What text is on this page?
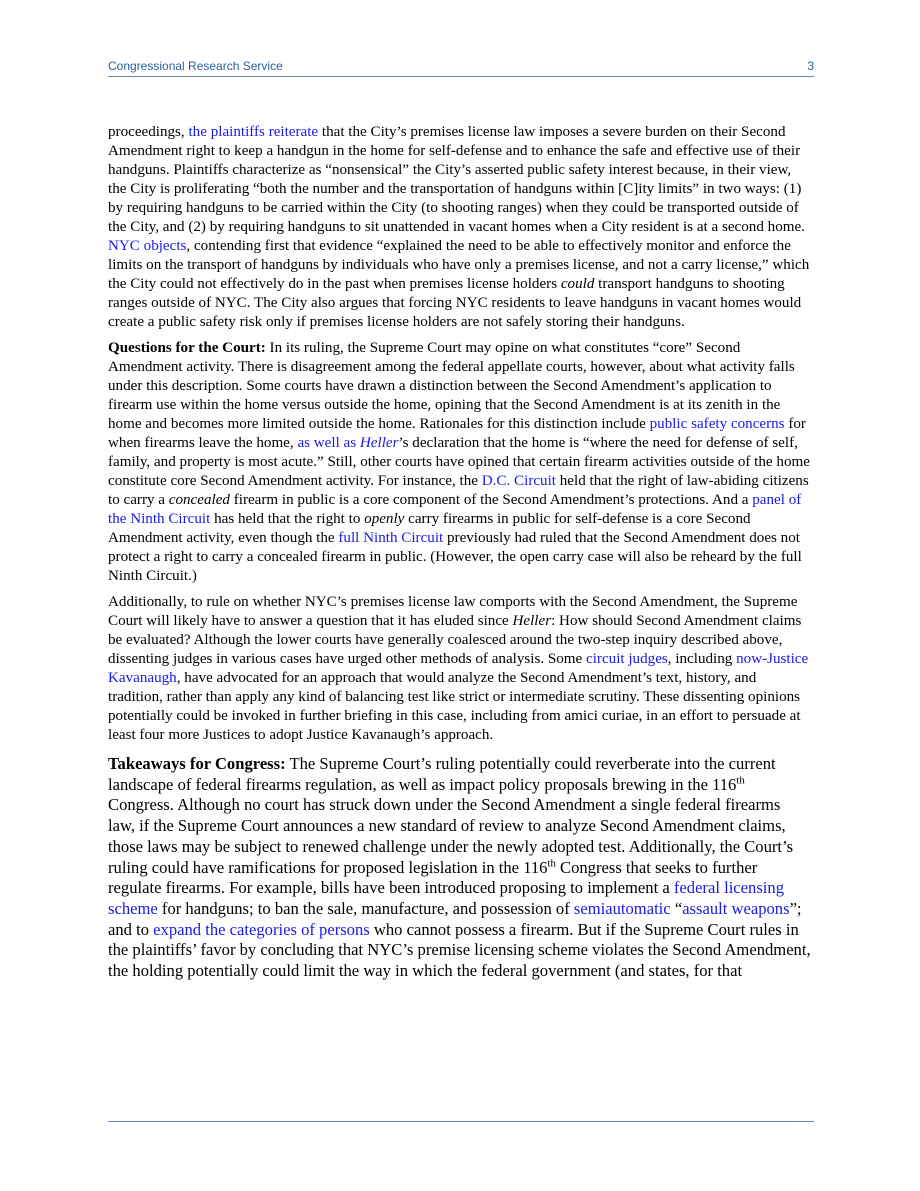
Congressional Research Service	3

proceedings, the plaintiffs reiterate that the City’s premises license law imposes a severe burden on their Second Amendment right to keep a handgun in the home for self-defense and to enhance the safe and effective use of their handguns. Plaintiffs characterize as “nonsensical” the City’s asserted public safety interest because, in their view, the City is proliferating “both the number and the transportation of handguns within [C]ity limits” in two ways: (1) by requiring handguns to be carried within the City (to shooting ranges) when they could be transported outside of the City, and (2) by requiring handguns to sit unattended in vacant homes when a City resident is at a second home. NYC objects, contending first that evidence “explained the need to be able to effectively monitor and enforce the limits on the transport of handguns by individuals who have only a premises license, and not a carry license,” which the City could not effectively do in the past when premises license holders could transport handguns to shooting ranges outside of NYC. The City also argues that forcing NYC residents to leave handguns in vacant homes would create a public safety risk only if premises license holders are not safely storing their handguns.

Questions for the Court: In its ruling, the Supreme Court may opine on what constitutes “core” Second Amendment activity. There is disagreement among the federal appellate courts, however, about what activity falls under this description. Some courts have drawn a distinction between the Second Amendment’s application to firearm use within the home versus outside the home, opining that the Second Amendment is at its zenith in the home and becomes more limited outside the home. Rationales for this distinction include public safety concerns for when firearms leave the home, as well as Heller’s declaration that the home is “where the need for defense of self, family, and property is most acute.” Still, other courts have opined that certain firearm activities outside of the home constitute core Second Amendment activity. For instance, the D.C. Circuit held that the right of law-abiding citizens to carry a concealed firearm in public is a core component of the Second Amendment’s protections. And a panel of the Ninth Circuit has held that the right to openly carry firearms in public for self-defense is a core Second Amendment activity, even though the full Ninth Circuit previously had ruled that the Second Amendment does not protect a right to carry a concealed firearm in public. (However, the open carry case will also be reheard by the full Ninth Circuit.)

Additionally, to rule on whether NYC’s premises license law comports with the Second Amendment, the Supreme Court will likely have to answer a question that it has eluded since Heller: How should Second Amendment claims be evaluated? Although the lower courts have generally coalesced around the two-step inquiry described above, dissenting judges in various cases have urged other methods of analysis. Some circuit judges, including now-Justice Kavanaugh, have advocated for an approach that would analyze the Second Amendment’s text, history, and tradition, rather than apply any kind of balancing test like strict or intermediate scrutiny. These dissenting opinions potentially could be invoked in further briefing in this case, including from amici curiae, in an effort to persuade at least four more Justices to adopt Justice Kavanaugh’s approach.

Takeaways for Congress: The Supreme Court’s ruling potentially could reverberate into the current landscape of federal firearms regulation, as well as impact policy proposals brewing in the 116th Congress. Although no court has struck down under the Second Amendment a single federal firearms law, if the Supreme Court announces a new standard of review to analyze Second Amendment claims, those laws may be subject to renewed challenge under the newly adopted test. Additionally, the Court’s ruling could have ramifications for proposed legislation in the 116th Congress that seeks to further regulate firearms. For example, bills have been introduced proposing to implement a federal licensing scheme for handguns; to ban the sale, manufacture, and possession of semiautomatic “assault weapons”; and to expand the categories of persons who cannot possess a firearm. But if the Supreme Court rules in the plaintiffs’ favor by concluding that NYC’s premise licensing scheme violates the Second Amendment, the holding potentially could limit the way in which the federal government (and states, for that
